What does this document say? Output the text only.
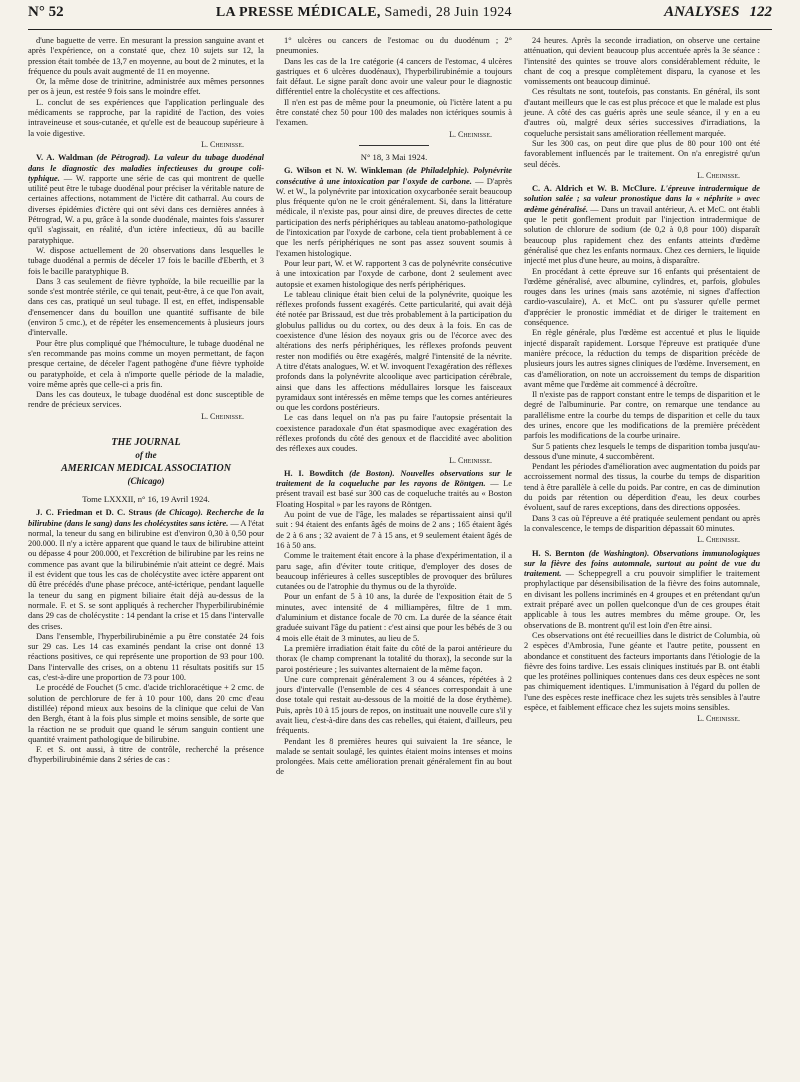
N° 52	LA PRESSE MÉDICALE, Samedi, 28 Juin 1924	ANALYSES 122

d'une baguette de verre. En mesurant la pression sanguine avant et après l'expérience, on a constaté que, chez 10 sujets sur 12, la pression était tombée de 13,7 en moyenne, au bout de 2 minutes, et la fréquence du pouls avait augmenté de 11 en moyenne.

Or, la même dose de trinitrine, administrée aux mêmes personnes per os à jeun, est restée 9 fois sans le moindre effet.

L. conclut de ses expériences que l'application perlinguale des médicaments se rapproche, par la rapidité de l'action, des voies intraveineuse et sous-cutanée, et qu'elle est de beaucoup supérieure à la voie digestive.

L. Cheinisse.

V. A. Waldman (de Pétrograd). La valeur du tubage duodénal dans le diagnostic des maladies infectieuses du groupe coli-typhique. — W. rapporte une série de cas qui montrent de quelle utilité peut être le tubage duodénal pour préciser la véritable nature de certaines affections, notamment de l'ictère dit catharral. Au cours de diverses épidémies d'ictère qui ont sévi dans ces dernières années à Pétrograd, W. a pu, grâce à la sonde duodénale, maintes fois s'assurer qu'il s'agissait, en réalité, d'un ictère infectieux, dû au bacille paratyphique.

W. dispose actuellement de 20 observations dans lesquelles le tubage duodénal a permis de déceler 17 fois le bacille d'Eberth, et 3 fois le bacille paratyphique B.

Dans 3 cas seulement de fièvre typhoïde, la bile recueillie par la sonde s'est montrée stérile, ce qui tenait, peut-être, à ce que l'on avait, dans ces cas, pratiqué un seul tubage. Il est, en effet, indispensable d'ensemencer dans du bouillon une quantité suffisante de bile (environ 5 cmc.), et de répéter les ensemencements à plusieurs jours d'intervalle.

Pour être plus compliqué que l'hémoculture, le tubage duodénal ne s'en recommande pas moins comme un moyen permettant, de façon presque certaine, de déceler l'agent pathogène d'une fièvre typhoïde ou paratyphoïde, et cela à n'importe quelle période de la maladie, voire même après que celle-ci a pris fin.

Dans les cas douteux, le tubage duodénal est donc susceptible de rendre de précieux services.

L. Cheinisse.

THE JOURNAL
of the
AMERICAN MEDICAL ASSOCIATION
(Chicago)
Tome LXXXII, n° 16, 19 Avril 1924.

J. C. Friedman et D. C. Straus (de Chicago). Recherche de la bilirubine (dans le sang) dans les cholécystites sans ictère. — A l'état normal, la teneur du sang en bilirubine est d'environ 0,30 à 0,50 pour 200.000. Il n'y a ictère apparent que quand le taux de bilirubine atteint ou dépasse 4 pour 200.000, et l'excrétion de bilirubine par les reins ne commence pas avant que la bilirubinémie n'ait atteint ce degré. Mais il est évident que tous les cas de cholécystite avec ictère apparent ont dû être précédés d'une phase précoce, anté-ictérique, pendant laquelle la teneur du sang en pigment biliaire était déjà au-dessus de la normale. F. et S. se sont appliqués à rechercher l'hyperbilirubinémie dans 29 cas de cholécystite : 14 pendant la crise et 15 dans l'intervalle des crises.

Dans l'ensemble, l'hyperbilirubinémie a pu être constatée 24 fois sur 29 cas. Les 14 cas examinés pendant la crise ont donné 13 réactions positives, ce qui représente une proportion de 93 pour 100. Dans l'intervalle des crises, on a obtenu 11 résultats positifs sur 15 cas, c'est-à-dire une proportion de 73 pour 100.

Le procédé de Fouchet (5 cmc. d'acide trichloracétique + 2 cmc. de solution de perchlorure de fer à 10 pour 100, dans 20 cmc d'eau distillée) répond mieux aux besoins de la clinique que celui de Van den Bergh, étant à la fois plus simple et moins sensible, de sorte que la réaction ne se produit que quand le sérum sanguin contient une quantité vraiment pathologique de bilirubine.

F. et S. ont aussi, à titre de contrôle, recherché la présence d'hyperbilirubinémie dans 2 séries de cas :

1° ulcères ou cancers de l'estomac ou du duodénum ; 2° pneumonies.

Dans les cas de la 1re catégorie (4 cancers de l'estomac, 4 ulcères gastriques et 6 ulcères duodénaux), l'hyperbilirubinémie a toujours fait défaut. Le signe paraît donc avoir une valeur pour le diagnostic différentiel entre la cholécystite et ces affections.

Il n'en est pas de même pour la pneumonie, où l'ictère latent a pu être constaté chez 50 pour 100 des malades non ictériques soumis à l'examen.

L. Cheinisse.

N° 18, 3 Mai 1924.

G. Wilson et N. W. Winkleman (de Philadelphie). Polynévrite consécutive à une intoxication par l'oxyde de carbone. — D'après W. et W., la polynévrite par intoxication oxycarbonée serait beaucoup plus fréquente qu'on ne le croit généralement. Si, dans la littérature médicale, il n'existe pas, pour ainsi dire, de preuves directes de cette participation des nerfs périphériques au tableau anatomo-pathologique de l'intoxication par l'oxyde de carbone, cela tient probablement à ce que les nerfs périphériques ne sont pas assez souvent soumis à l'examen histologique.

Pour leur part, W. et W. rapportent 3 cas de polynévrite consécutive à une intoxication par l'oxyde de carbone, dont 2 seulement avec autopsie et examen histologique des nerfs périphériques.

Le tableau clinique était bien celui de la polynévrite, quoique les réflexes profonds fussent exagérés. Cette particularité, qui avait déjà été notée par Brissaud, est due très probablement à la participation du globulus pallidus ou du cortex, ou des deux à la fois. En cas de coexistence d'une lésion des noyaux gris ou de l'écorce avec des altérations des nerfs périphériques, les réflexes profonds peuvent rester non modifiés ou être exagérés, malgré l'intensité de la névrite. A titre d'états analogues, W. et W. invoquent l'exagération des réflexes profonds dans la polynévrite alcoolique avec participation cérébrale, ainsi que dans les affections médullaires lorsque les faisceaux pyramidaux sont intéressés en même temps que les cornes antérieures ou que les cordons postérieurs.

Le cas dans lequel on n'a pas pu faire l'autopsie présentait la coexistence paradoxale d'un état spasmodique avec exagération des réflexes profonds du côté des genoux et de flaccidité avec abolition des réflexes aux coudes.

L. Cheinisse.

H. I. Bowditch (de Boston). Nouvelles observations sur le traitement de la coqueluche par les rayons de Röntgen. — Le présent travail est basé sur 300 cas de coqueluche traités au « Boston Floating Hospital » par les rayons de Röntgen.

Au point de vue de l'âge, les malades se répartissaient ainsi qu'il suit : 94 étaient des enfants âgés de moins de 2 ans ; 165 étaient âgés de 2 à 6 ans ; 32 avaient de 7 à 15 ans, et 9 seulement étaient âgés de 16 à 50 ans.

Comme le traitement était encore à la phase d'expérimentation, il a paru sage, afin d'éviter toute critique, d'employer des doses de beaucoup inférieures à celles susceptibles de provoquer des brûlures cutanées ou de l'atrophie du thymus ou de la thyroïde.

Pour un enfant de 5 à 10 ans, la durée de l'exposition était de 5 minutes, avec intensité de 4 milliampères, filtre de 1 mm. d'aluminium et distance focale de 70 cm. La durée de la séance était graduée suivant l'âge du patient : c'est ainsi que pour les bébés de 3 ou 4 mois elle était de 3 minutes, au lieu de 5.

La première irradiation était faite du côté de la paroi antérieure du thorax (le champ comprenant la totalité du thorax), la seconde sur la paroi postérieure ; les suivantes alternaient de la même façon.

Une cure comprenait généralement 3 ou 4 séances, répétées à 2 jours d'intervalle (l'ensemble de ces 4 séances correspondait à une dose totale qui restait au-dessous de la moitié de la dose érythème). Puis, après 10 à 15 jours de repos, on instituait une nouvelle cure s'il y avait lieu, c'est-à-dire dans des cas rebelles, qui étaient, d'ailleurs, peu fréquents.

Pendant les 8 premières heures qui suivaient la 1re séance, le malade se sentait soulagé, les quintes étaient moins intenses et moins prolongées. Mais cette amélioration prenait généralement fin au bout de

24 heures. Après la seconde irradiation, on observe une certaine atténuation, qui devient beaucoup plus accentuée après la 3e séance : l'intensité des quintes se trouve alors considérablement réduite, le chant de coq a presque complètement disparu, la cyanose et les vomissements ont beaucoup diminué.

Ces résultats ne sont, toutefois, pas constants. En général, ils sont d'autant meilleurs que le cas est plus précoce et que le malade est plus jeune. A côté des cas guéris après une seule séance, il y en a eu d'autres où, malgré deux séries successives d'irradiations, la coqueluche persistait sans amélioration réellement marquée.

Sur les 300 cas, on peut dire que plus de 80 pour 100 ont été favorablement influencés par le traitement. On n'a enregistré qu'un seul décès.

L. Cheinisse.

C. A. Aldrich et W. B. McClure. L'épreuve intradermique de solution salée ; sa valeur pronostique dans la « néphrite » avec œdème généralisé. — Dans un travail antérieur, A. et McC. ont établi que le petit gonflement produit par l'injection intradermique de solution de chlorure de sodium (de 0,2 à 0,8 pour 100) disparaît beaucoup plus rapidement chez des enfants atteints d'œdème généralisé que chez les enfants normaux. Chez ces derniers, le liquide injecté met plus d'une heure, au moins, à disparaître.

En procédant à cette épreuve sur 16 enfants qui présentaient de l'œdème généralisé, avec albumine, cylindres, et, parfois, globules rouges dans les urines (mais sans azotémie, ni signes d'affection cardio-vasculaire), A. et McC. ont pu s'assurer qu'elle permet d'apprécier le pronostic immédiat et de diriger le traitement en conséquence.

En règle générale, plus l'œdème est accentué et plus le liquide injecté disparaît rapidement. Lorsque l'épreuve est pratiquée d'une manière précoce, la réduction du temps de disparition précède de plusieurs jours les autres signes cliniques de l'œdème. Inversement, en cas d'amélioration, on note un accroissement du temps de disparition avant même que l'œdème ait commencé à décroître.

Il n'existe pas de rapport constant entre le temps de disparition et le degré de l'albuminurie. Par contre, on remarque une tendance au parallélisme entre la courbe du temps de disparition et celle du taux des urines, encore que les modifications de la première précèdent parfois les modifications de la courbe urinaire.

Sur 5 patients chez lesquels le temps de disparition tomba jusqu'au-dessous d'une minute, 4 succombèrent.

Pendant les périodes d'amélioration avec augmentation du poids par accroissement normal des tissus, la courbe du temps de disparition tend à être parallèle à celle du poids. Par contre, en cas de diminution du poids par rétention ou déperdition d'eau, les deux courbes évoluent, sauf de rares exceptions, dans des directions opposées.

Dans 3 cas où l'épreuve a été pratiquée seulement pendant ou après la convalescence, le temps de disparition dépassait 60 minutes.

L. Cheinisse.

H. S. Bernton (de Washington). Observations immunologiques sur la fièvre des foins automnale, surtout au point de vue du traitement. — Scheppegrell a cru pouvoir simplifier le traitement prophylactique par désensibilisation de la fièvre des foins automnale, en divisant les pollens incriminés en 4 groupes et en prétendant qu'un extrait préparé avec un pollen quelconque d'un de ces groupes était applicable à tous les autres membres du même groupe. Or, les observations de B. montrent qu'il est loin d'en être ainsi.

Ces observations ont été recueillies dans le district de Columbia, où 2 espèces d'Ambrosia, l'une géante et l'autre petite, poussent en abondance et constituent des facteurs importants dans l'étiologie de la fièvre des foins tardive. Les essais cliniques institués par B. ont établi que les protéines polliniques contenues dans ces deux espèces ne sont pas chimiquement identiques. L'immunisation à l'égard du pollen de l'une des espèces reste inefficace chez les sujets très sensibles à l'autre espèce, et faiblement efficace chez les sujets moins sensibles.

L. Cheinisse.
